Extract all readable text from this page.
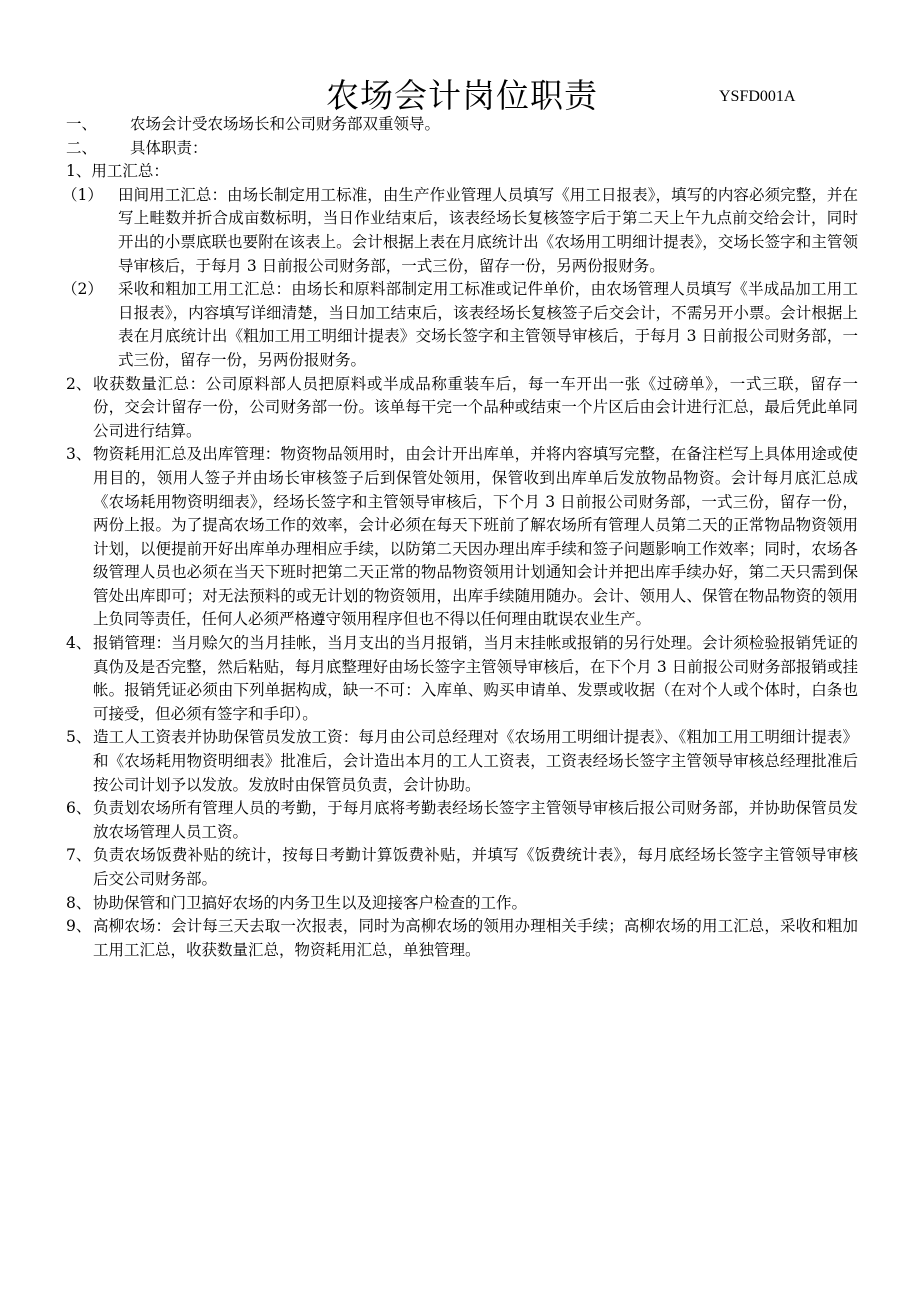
农场会计岗位职责	YSFD001A
一、	农场会计受农场场长和公司财务部双重领导。
二、	具体职责：
1、用工汇总：
（1） 田间用工汇总：由场长制定用工标准，由生产作业管理人员填写《用工日报表》，填写的内容必须完整，并在写上畦数并折合成亩数标明，当日作业结束后，该表经场长复核签字后于第二天上午九点前交给会计，同时开出的小票底联也要附在该表上。会计根据上表在月底统计出《农场用工明细计提表》，交场长签字和主管领导审核后，于每月 3 日前报公司财务部，一式三份，留存一份，另两份报财务。
（2） 采收和粗加工用工汇总：由场长和原料部制定用工标准或记件单价，由农场管理人员填写《半成品加工用工日报表》，内容填写详细清楚，当日加工结束后，该表经场长复核签子后交会计，不需另开小票。会计根据上表在月底统计出《粗加工用工明细计提表》交场长签字和主管领导审核后，于每月 3 日前报公司财务部，一式三份，留存一份，另两份报财务。
2、 收获数量汇总：公司原料部人员把原料或半成品称重装车后，每一车开出一张《过磅单》，一式三联，留存一份，交会计留存一份，公司财务部一份。该单每干完一个品种或结束一个片区后由会计进行汇总，最后凭此单同公司进行结算。
3、 物资耗用汇总及出库管理：物资物品领用时，由会计开出库单，并将内容填写完整，在备注栏写上具体用途或使用目的，领用人签子并由场长审核签子后到保管处领用，保管收到出库单后发放物品物资。会计每月底汇总成《农场耗用物资明细表》，经场长签字和主管领导审核后，下个月 3 日前报公司财务部，一式三份，留存一份，两份上报。为了提高农场工作的效率，会计必须在每天下班前了解农场所有管理人员第二天的正常物品物资领用计划，以便提前开好出库单办理相应手续，以防第二天因办理出库手续和签子问题影响工作效率；同时，农场各级管理人员也必须在当天下班时把第二天正常的物品物资领用计划通知会计并把出库手续办好，第二天只需到保管处出库即可；对无法预料的或无计划的物资领用，出库手续随用随办。会计、领用人、保管在物品物资的领用上负同等责任，任何人必须严格遵守领用程序但也不得以任何理由耽误农业生产。
4、 报销管理：当月赊欠的当月挂帐，当月支出的当月报销，当月末挂帐或报销的另行处理。会计须检验报销凭证的真伪及是否完整，然后粘贴，每月底整理好由场长签字主管领导审核后，在下个月 3 日前报公司财务部报销或挂帐。报销凭证必须由下列单据构成，缺一不可：入库单、购买申请单、发票或收据（在对个人或个体时，白条也可接受，但必须有签字和手印）。
5、 造工人工资表并协助保管员发放工资：每月由公司总经理对《农场用工明细计提表》、《粗加工用工明细计提表》和《农场耗用物资明细表》批准后，会计造出本月的工人工资表，工资表经场长签字主管领导审核总经理批准后按公司计划予以发放。发放时由保管员负责，会计协助。
6、 负责划农场所有管理人员的考勤，于每月底将考勤表经场长签字主管领导审核后报公司财务部，并协助保管员发放农场管理人员工资。
7、 负责农场饭费补贴的统计，按每日考勤计算饭费补贴，并填写《饭费统计表》，每月底经场长签字主管领导审核后交公司财务部。
8、 协助保管和门卫搞好农场的内务卫生以及迎接客户检查的工作。
9、 高柳农场：会计每三天去取一次报表，同时为高柳农场的领用办理相关手续；高柳农场的用工汇总，采收和粗加工用工汇总，收获数量汇总，物资耗用汇总，单独管理。
